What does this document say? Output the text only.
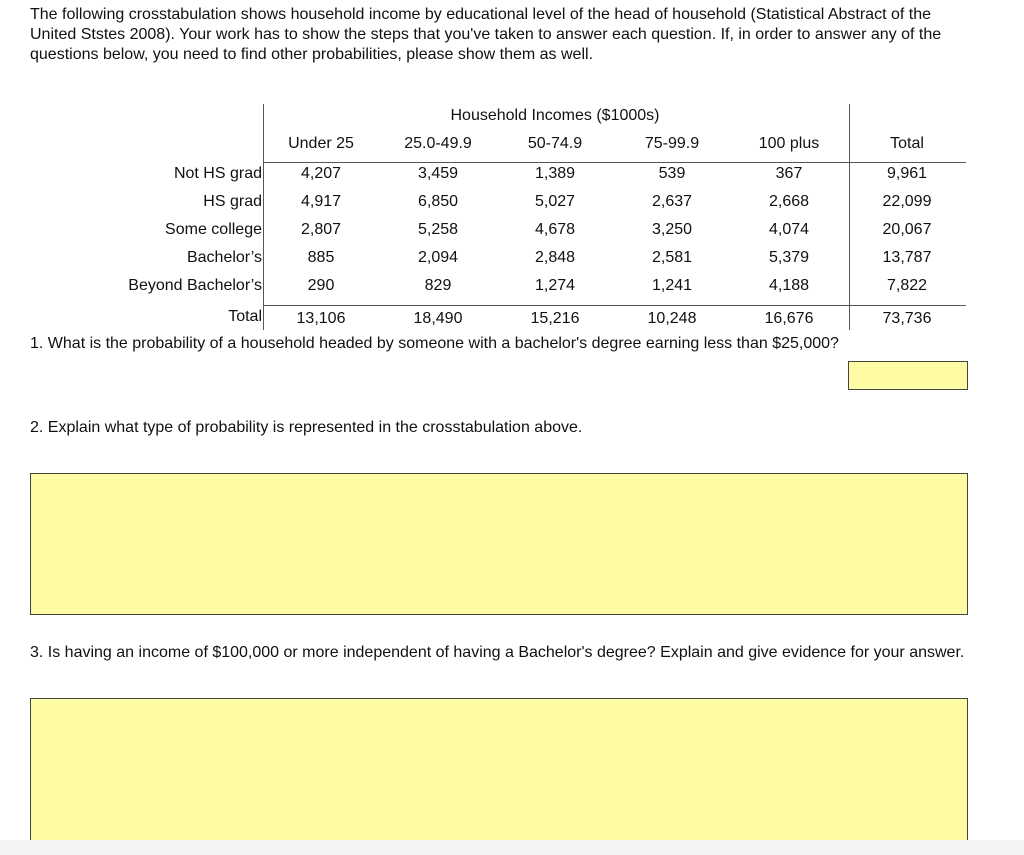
The following crosstabulation shows household income by educational level of the head of household (Statistical Abstract of the United Ststes 2008). Your work has to show the steps that you've taken to answer each question. If, in order to answer any of the questions below, you need to find other probabilities, please show them as well.

Household Incomes ($1000s)
Under 25	25.0-49.9	50-74.9	75-99.9	100 plus	Total
Not HS grad 4,207	3,459	1,389	539	367	9,961
HS grad 4,917	6,850	5,027	2,637	2,668	22,099
Some college 2,807	5,258	4,678	3,250	4,074	20,067
Bachelor’s	885	2,094	2,848	2,581	5,379	13,787
Beyond Bachelor’s	290	829	1,274	1,241	4,188	7,822
Total 13,106	18,490	15,216	10,248	16,676	73,736

1. What is the probability of a household headed by someone with a bachelor's degree earning less than $25,000?

2. Explain what type of probability is represented in the crosstabulation above.

3. Is having an income of $100,000 or more independent of having a Bachelor's degree? Explain and give evidence for your answer.
